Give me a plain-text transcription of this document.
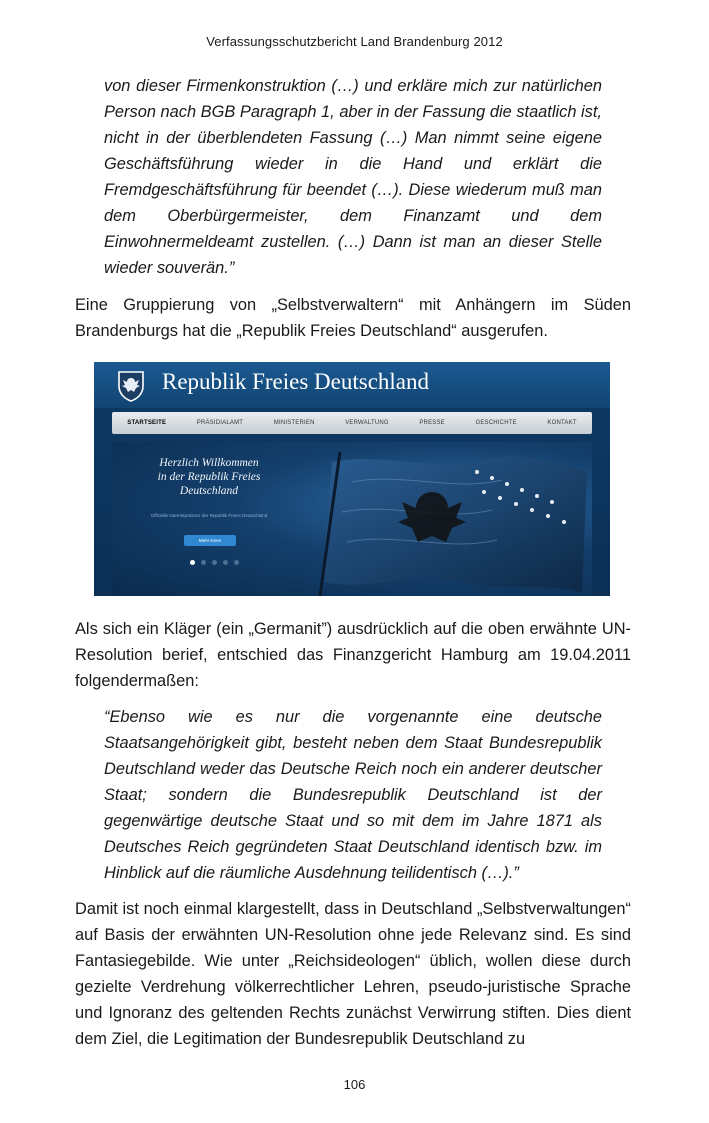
Verfassungsschutzbericht Land Brandenburg 2012
von dieser Firmenkonstruktion (…) und erkläre mich zur natürlichen Person nach BGB Paragraph 1, aber in der Fassung die staatlich ist, nicht in der überblendeten Fassung (…) Man nimmt seine eigene Geschäftsführung wieder in die Hand und erklärt die Fremdgeschäftsführung für beendet (…). Diese wiederum muß man dem Oberbürgermeister, dem Finanzamt und dem Einwohnermeldeamt zustellen. (…) Dann ist man an dieser Stelle wieder souverän.”
Eine Gruppierung von „Selbstverwaltern“ mit Anhängern im Süden Brandenburgs hat die „Republik Freies Deutschland“ ausgerufen.
Republik Freies Deutschland
STARTSEITE	PRÄSIDIALAMT	MINISTERIEN	VERWALTUNG	PRESSE	GESCHICHTE	KONTAKT
Herzlich Willkommen
in der Republik Freies
Deutschland
Offizielle Internetpräsenz der Republik Freies Deutschland
Mehr lesen
Als sich ein Kläger (ein „Germanit”) ausdrücklich auf die oben erwähnte UN-Resolution berief, entschied das Finanzgericht Hamburg am 19.04.2011 folgendermaßen:
“Ebenso wie es nur die vorgenannte eine deutsche Staatsangehörigkeit gibt, besteht neben dem Staat Bundesrepublik Deutschland weder das Deutsche Reich noch ein anderer deutscher Staat; sondern die Bundesrepublik Deutschland ist der gegenwärtige deutsche Staat und so mit dem im Jahre 1871 als Deutsches Reich gegründeten Staat Deutschland identisch bzw. im Hinblick auf die räumliche Ausdehnung teilidentisch (…).”
Damit ist noch einmal klargestellt, dass in Deutschland „Selbstverwaltungen“ auf Basis der erwähnten UN-Resolution ohne jede Relevanz sind. Es sind Fantasiegebilde. Wie unter „Reichsideologen“ üblich, wollen diese durch gezielte Verdrehung völkerrechtlicher Lehren, pseudo-juristische Sprache und Ignoranz des geltenden Rechts zunächst Verwirrung stiften. Dies dient dem Ziel, die Legitimation der Bundesrepublik Deutschland zu
106
